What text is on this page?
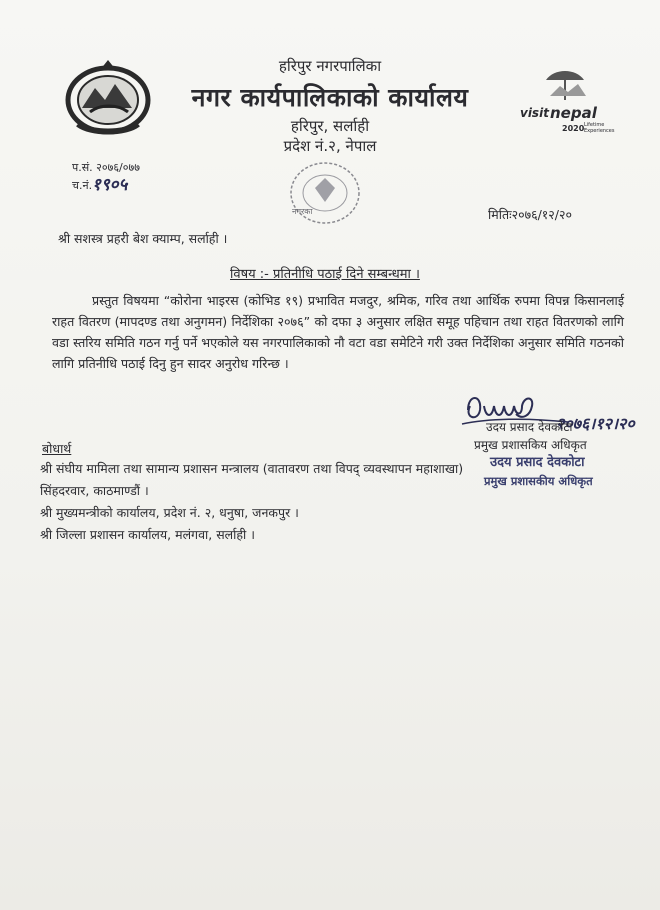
हरिपुर नगरपालिका
नगर कार्यपालिकाको कार्यालय
हरिपुर, सर्लाही
प्रदेश नं.२, नेपाल
visit nepal
2020 Lifetime
Experiences
प.सं. २०७६/०७७
च.नं. १९०५
नगरका	मितिः२०७६/१२/२०
श्री सशस्त्र प्रहरी बेश क्याम्प, सर्लाही ।
विषय :- प्रतिनीधि पठाई दिने सम्बन्धमा ।
प्रस्तुत विषयमा “कोरोना भाइरस (कोभिड १९) प्रभावित मजदुर, श्रमिक, गरिव तथा आर्थिक रुपमा विपन्न किसानलाई राहत वितरण (मापदण्ड तथा अनुगमन) निर्देशिका २०७६” को दफा ३ अनुसार लक्षित समूह पहिचान तथा राहत वितरणको लागि वडा स्तरिय समिति गठन गर्नु पर्ने भएकोले यस नगरपालिकाको नौ वटा वडा समेटिने गरी उक्त निर्देशिका अनुसार समिति गठनको लागि प्रतिनीधि पठाई दिनु हुन सादर अनुरोध गरिन्छ ।
२०७६।१२।२०
उदय प्रसाद देवकोटा
प्रमुख प्रशासकिय अधिकृत
उदय प्रसाद देवकोटा
प्रमुख प्रशासकीय अधिकृत
बोधार्थ
श्री संघीय मामिला तथा सामान्य प्रशासन मन्त्रालय (वातावरण तथा विपद् व्यवस्थापन महाशाखा)
सिंहदरवार, काठमाण्डौं ।
श्री मुख्यमन्त्रीको कार्यालय, प्रदेश नं. २, धनुषा, जनकपुर ।
श्री जिल्ला प्रशासन कार्यालय, मलंगवा, सर्लाही ।
